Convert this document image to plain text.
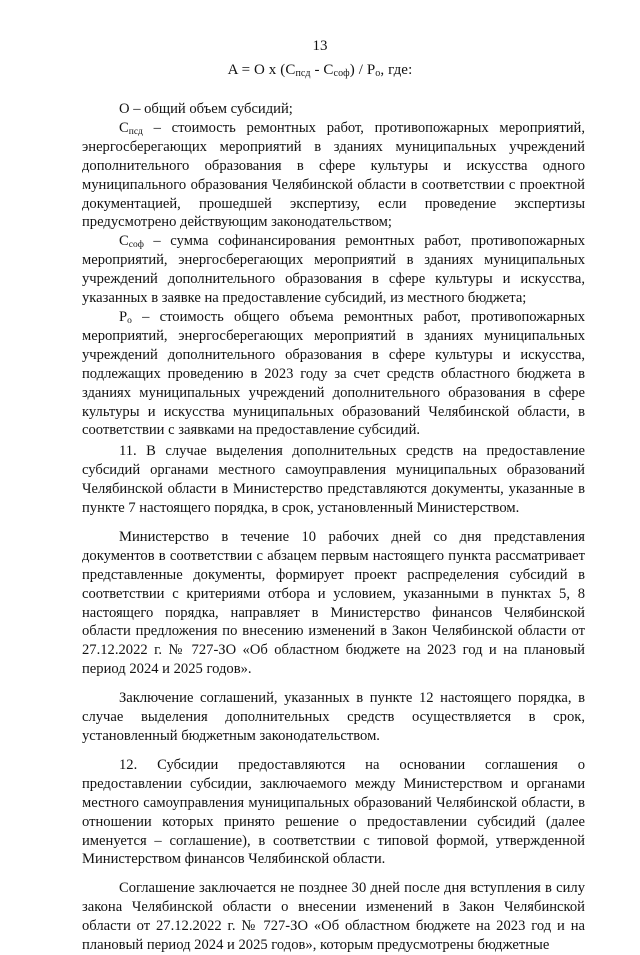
13
A = O x $(С_{псд} - С_{соф}) / Р_о$, где:

О – общий объем субсидий;

$С_{псд}$ – стоимость ремонтных работ, противопожарных мероприятий, энергосберегающих мероприятий в зданиях муниципальных учреждений дополнительного образования в сфере культуры и искусства одного муниципального образования Челябинской области в соответствии с проектной документацией, прошедшей экспертизу, если проведение экспертизы предусмотрено действующим законодательством;

$С_{соф}$ – сумма софинансирования ремонтных работ, противопожарных мероприятий, энергосберегающих мероприятий в зданиях муниципальных учреждений дополнительного образования в сфере культуры и искусства, указанных в заявке на предоставление субсидий, из местного бюджета;

$Р_о$ – стоимость общего объема ремонтных работ, противопожарных мероприятий, энергосберегающих мероприятий в зданиях муниципальных учреждений дополнительного образования в сфере культуры и искусства, подлежащих проведению в 2023 году за счет средств областного бюджета в зданиях муниципальных учреждений дополнительного образования в сфере культуры и искусства муниципальных образований Челябинской области, в соответствии с заявками на предоставление субсидий.

11. В случае выделения дополнительных средств на предоставление субсидий органами местного самоуправления муниципальных образований Челябинской области в Министерство представляются документы, указанные в пункте 7 настоящего порядка, в срок, установленный Министерством.

Министерство в течение 10 рабочих дней со дня представления документов в соответствии с абзацем первым настоящего пункта рассматривает представленные документы, формирует проект распределения субсидий в соответствии с критериями отбора и условием, указанными в пунктах 5, 8 настоящего порядка, направляет в Министерство финансов Челябинской области предложения по внесению изменений в Закон Челябинской области от 27.12.2022 г. № 727-ЗО «Об областном бюджете на 2023 год и на плановый период 2024 и 2025 годов».

Заключение соглашений, указанных в пункте 12 настоящего порядка, в случае выделения дополнительных средств осуществляется в срок, установленный бюджетным законодательством.

12. Субсидии предоставляются на основании соглашения о предоставлении субсидии, заключаемого между Министерством и органами местного самоуправления муниципальных образований Челябинской области, в отношении которых принято решение о предоставлении субсидий (далее именуется – соглашение), в соответствии с типовой формой, утвержденной Министерством финансов Челябинской области.

Соглашение заключается не позднее 30 дней после дня вступления в силу закона Челябинской области о внесении изменений в Закон Челябинской области от 27.12.2022 г. № 727-ЗО «Об областном бюджете на 2023 год и на плановый период 2024 и 2025 годов», которым предусмотрены бюджетные
